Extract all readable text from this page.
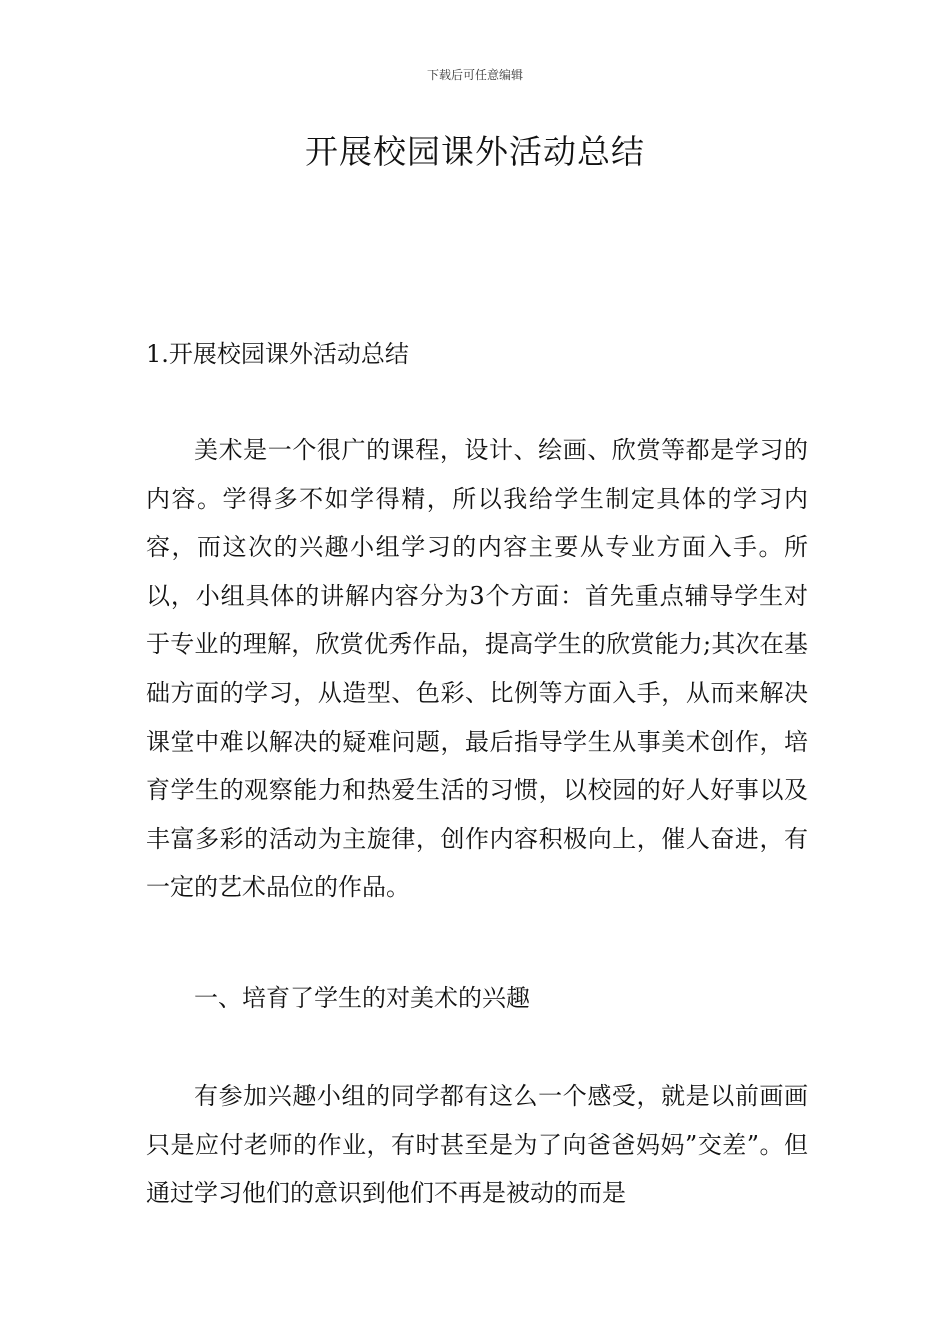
下载后可任意编辑
开展校园课外活动总结

1.开展校园课外活动总结

美术是一个很广的课程，设计、绘画、欣赏等都是学习的内容。学得多不如学得精，所以我给学生制定具体的学习内容，而这次的兴趣小组学习的内容主要从专业方面入手。所以，小组具体的讲解内容分为3个方面：首先重点辅导学生对于专业的理解，欣赏优秀作品，提高学生的欣赏能力;其次在基础方面的学习，从造型、色彩、比例等方面入手，从而来解决课堂中难以解决的疑难问题，最后指导学生从事美术创作，培育学生的观察能力和热爱生活的习惯，以校园的好人好事以及丰富多彩的活动为主旋律，创作内容积极向上，催人奋进，有一定的艺术品位的作品。

一、培育了学生的对美术的兴趣

有参加兴趣小组的同学都有这么一个感受，就是以前画画只是应付老师的作业，有时甚至是为了向爸爸妈妈”交差”。但通过学习他们的意识到他们不再是被动的而是
